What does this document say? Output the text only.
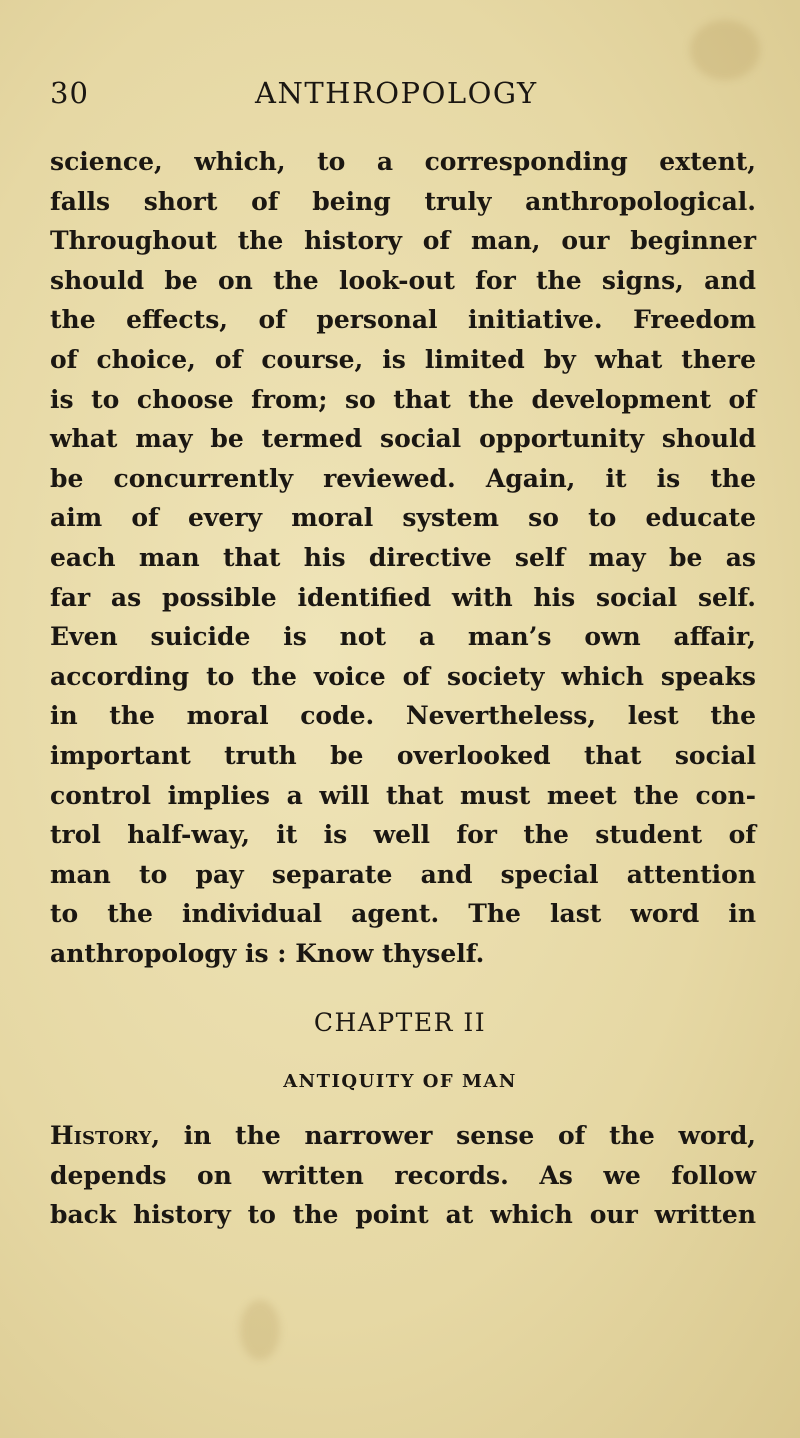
30	ANTHROPOLOGY
science, which, to a corresponding extent,
falls short of being truly anthropological.
Throughout the history of man, our beginner
should be on the look-out for the signs, and
the effects, of personal initiative. Freedom
of choice, of course, is limited by what there
is to choose from; so that the development of
what may be termed social opportunity should
be concurrently reviewed. Again, it is the
aim of every moral system so to educate
each man that his directive self may be as
far as possible identified with his social self.
Even suicide is not a man’s own affair,
according to the voice of society which speaks
in the moral code. Nevertheless, lest the
important truth be overlooked that social
control implies a will that must meet the con-
trol half-way, it is well for the student of
man to pay separate and special attention
to the individual agent. The last word in
anthropology is : Know thyself.
CHAPTER II
ANTIQUITY OF MAN
History, in the narrower sense of the word,
depends on written records. As we follow
back history to the point at which our written
